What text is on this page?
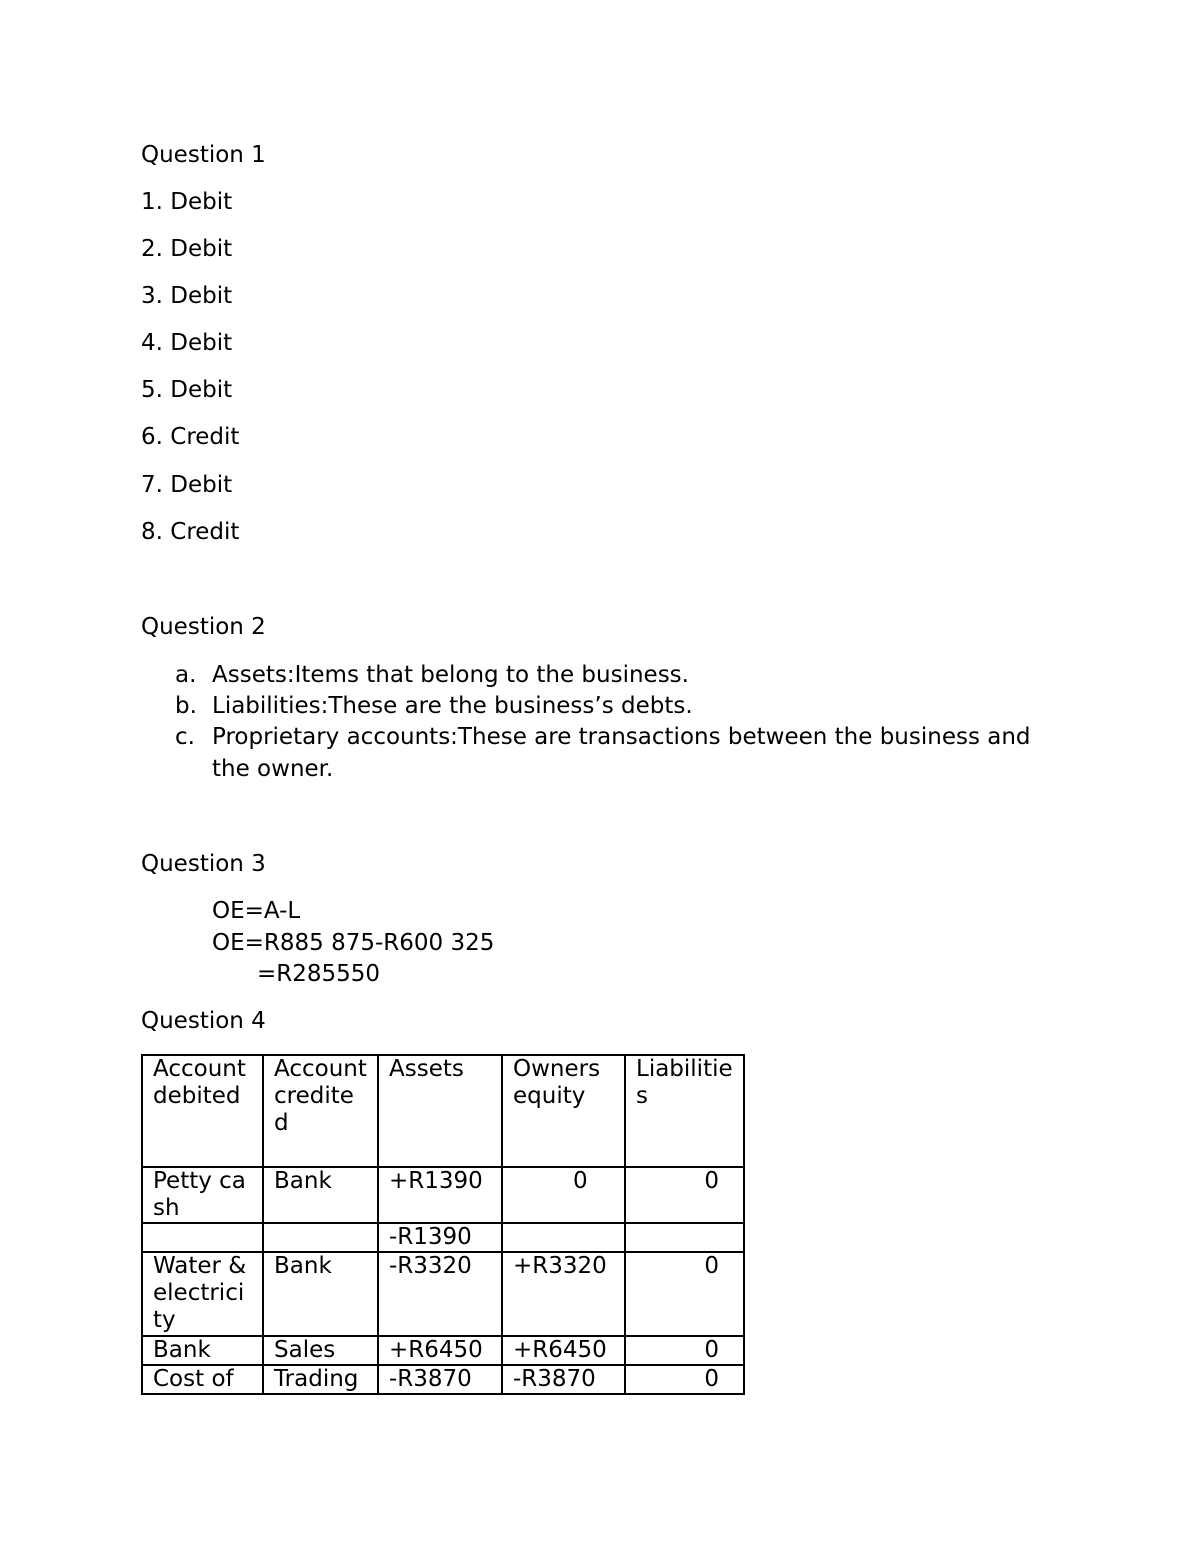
Question 1
1. Debit
2. Debit
3. Debit
4. Debit
5. Debit
6. Credit
7. Debit
8. Credit
Question 2
a. Assets:Items that belong to the business.
b. Liabilities:These are the business’s debts.
c. Proprietary accounts:These are transactions between the business and
the owner.
Question 3
OE=A-L
OE=R885 875-R600 325
=R285550
Question 4
Account debited	Account credited	Assets	Owners equity	Liabilities
Petty cash	Bank	+R1390	0	0
		-R1390		
Water & electricity	Bank	-R3320	+R3320	0
Bank	Sales	+R6450	+R6450	0
Cost of	Trading	-R3870	-R3870	0
